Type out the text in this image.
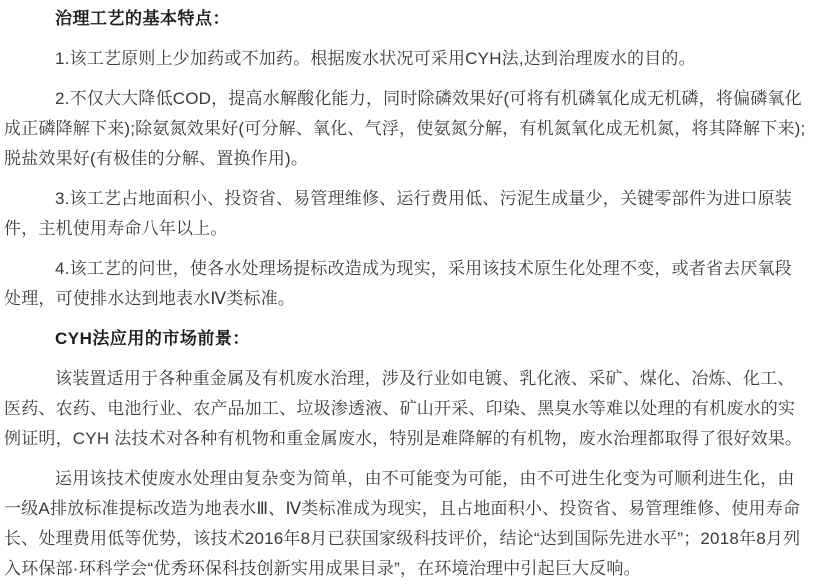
治理工艺的基本特点：
1.该工艺原则上少加药或不加药。根据废水状况可采用CYH法,达到治理废水的目的。
2.不仅大大降低COD，提高水解酸化能力，同时除磷效果好(可将有机磷氧化成无机磷，将偏磷氧化成正磷降解下来);除氨氮效果好(可分解、氧化、气浮，使氨氮分解，有机氮氧化成无机氮，将其降解下来);脱盐效果好(有极佳的分解、置换作用)。
3.该工艺占地面积小、投资省、易管理维修、运行费用低、污泥生成量少，关键零部件为进口原装件，主机使用寿命八年以上。
4.该工艺的问世，使各水处理场提标改造成为现实，采用该技术原生化处理不变，或者省去厌氧段处理，可使排水达到地表水Ⅳ类标准。
CYH法应用的市场前景：
该装置适用于各种重金属及有机废水治理，涉及行业如电镀、乳化液、采矿、煤化、冶炼、化工、医药、农药、电池行业、农产品加工、垃圾渗透液、矿山开采、印染、黑臭水等难以处理的有机废水的实例证明，CYH 法技术对各种有机物和重金属废水，特别是难降解的有机物，废水治理都取得了很好效果。
运用该技术使废水处理由复杂变为简单，由不可能变为可能，由不可进生化变为可顺利进生化，由一级A排放标准提标改造为地表水Ⅲ、Ⅳ类标准成为现实，且占地面积小、投资省、易管理维修、使用寿命长、处理费用低等优势，该技术2016年8月已获国家级科技评价，结论“达到国际先进水平”；2018年8月列入环保部·环科学会“优秀环保科技创新实用成果目录”，在环境治理中引起巨大反响。
